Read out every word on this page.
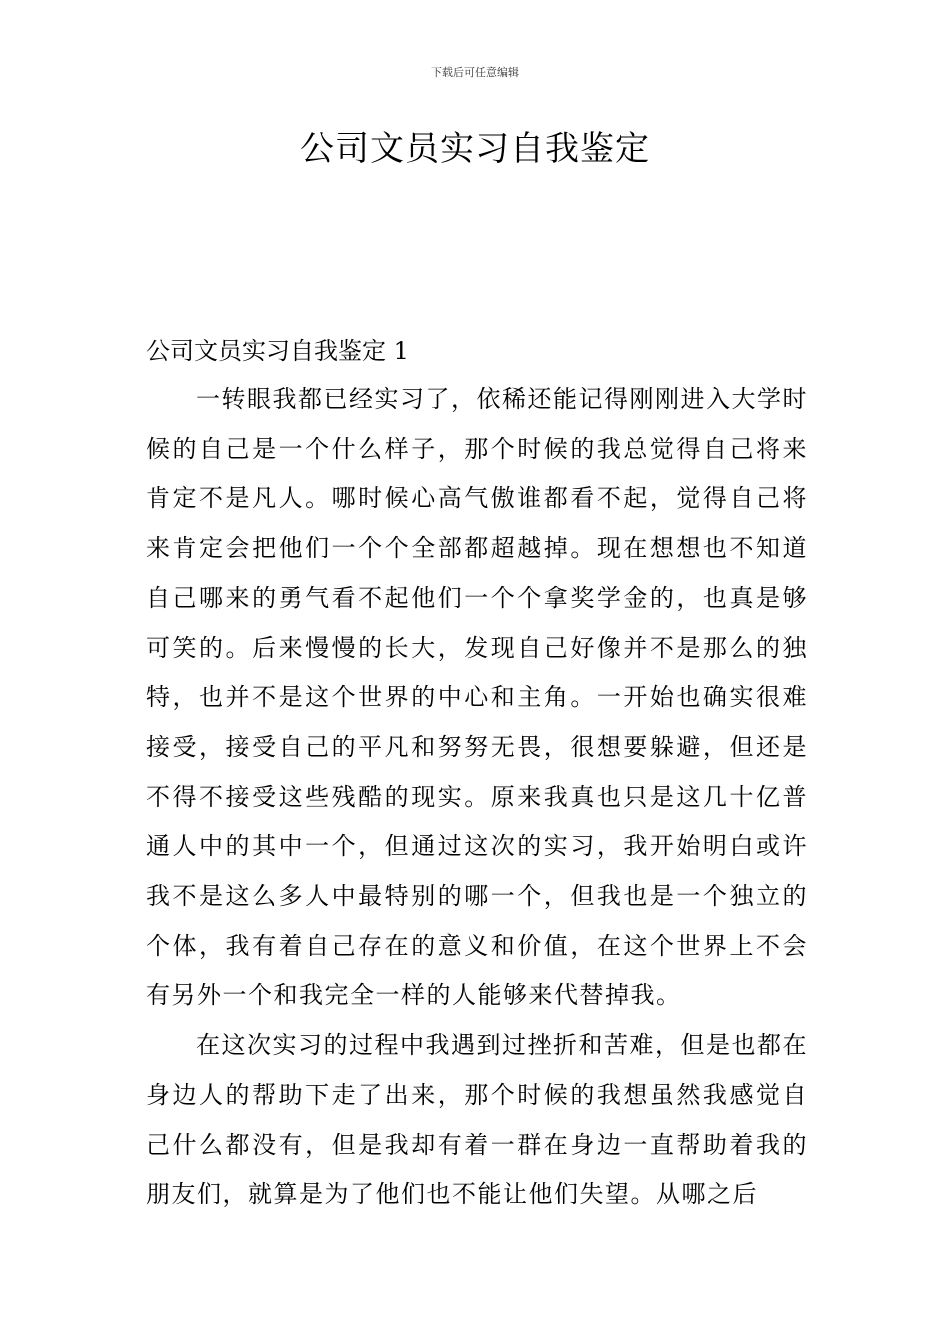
下载后可任意编辑
公司文员实习自我鉴定

公司文员实习自我鉴定 1

一转眼我都已经实习了，依稀还能记得刚刚进入大学时候的自己是一个什么样子，那个时候的我总觉得自己将来肯定不是凡人。哪时候心高气傲谁都看不起，觉得自己将来肯定会把他们一个个全部都超越掉。现在想想也不知道自己哪来的勇气看不起他们一个个拿奖学金的，也真是够可笑的。后来慢慢的长大，发现自己好像并不是那么的独特，也并不是这个世界的中心和主角。一开始也确实很难接受，接受自己的平凡和努努无畏，很想要躲避，但还是不得不接受这些残酷的现实。原来我真也只是这几十亿普通人中的其中一个，但通过这次的实习，我开始明白或许我不是这么多人中最特别的哪一个，但我也是一个独立的个体，我有着自己存在的意义和价值，在这个世界上不会有另外一个和我完全一样的人能够来代替掉我。

在这次实习的过程中我遇到过挫折和苦难，但是也都在身边人的帮助下走了出来，那个时候的我想虽然我感觉自己什么都没有，但是我却有着一群在身边一直帮助着我的朋友们，就算是为了他们也不能让他们失望。从哪之后
